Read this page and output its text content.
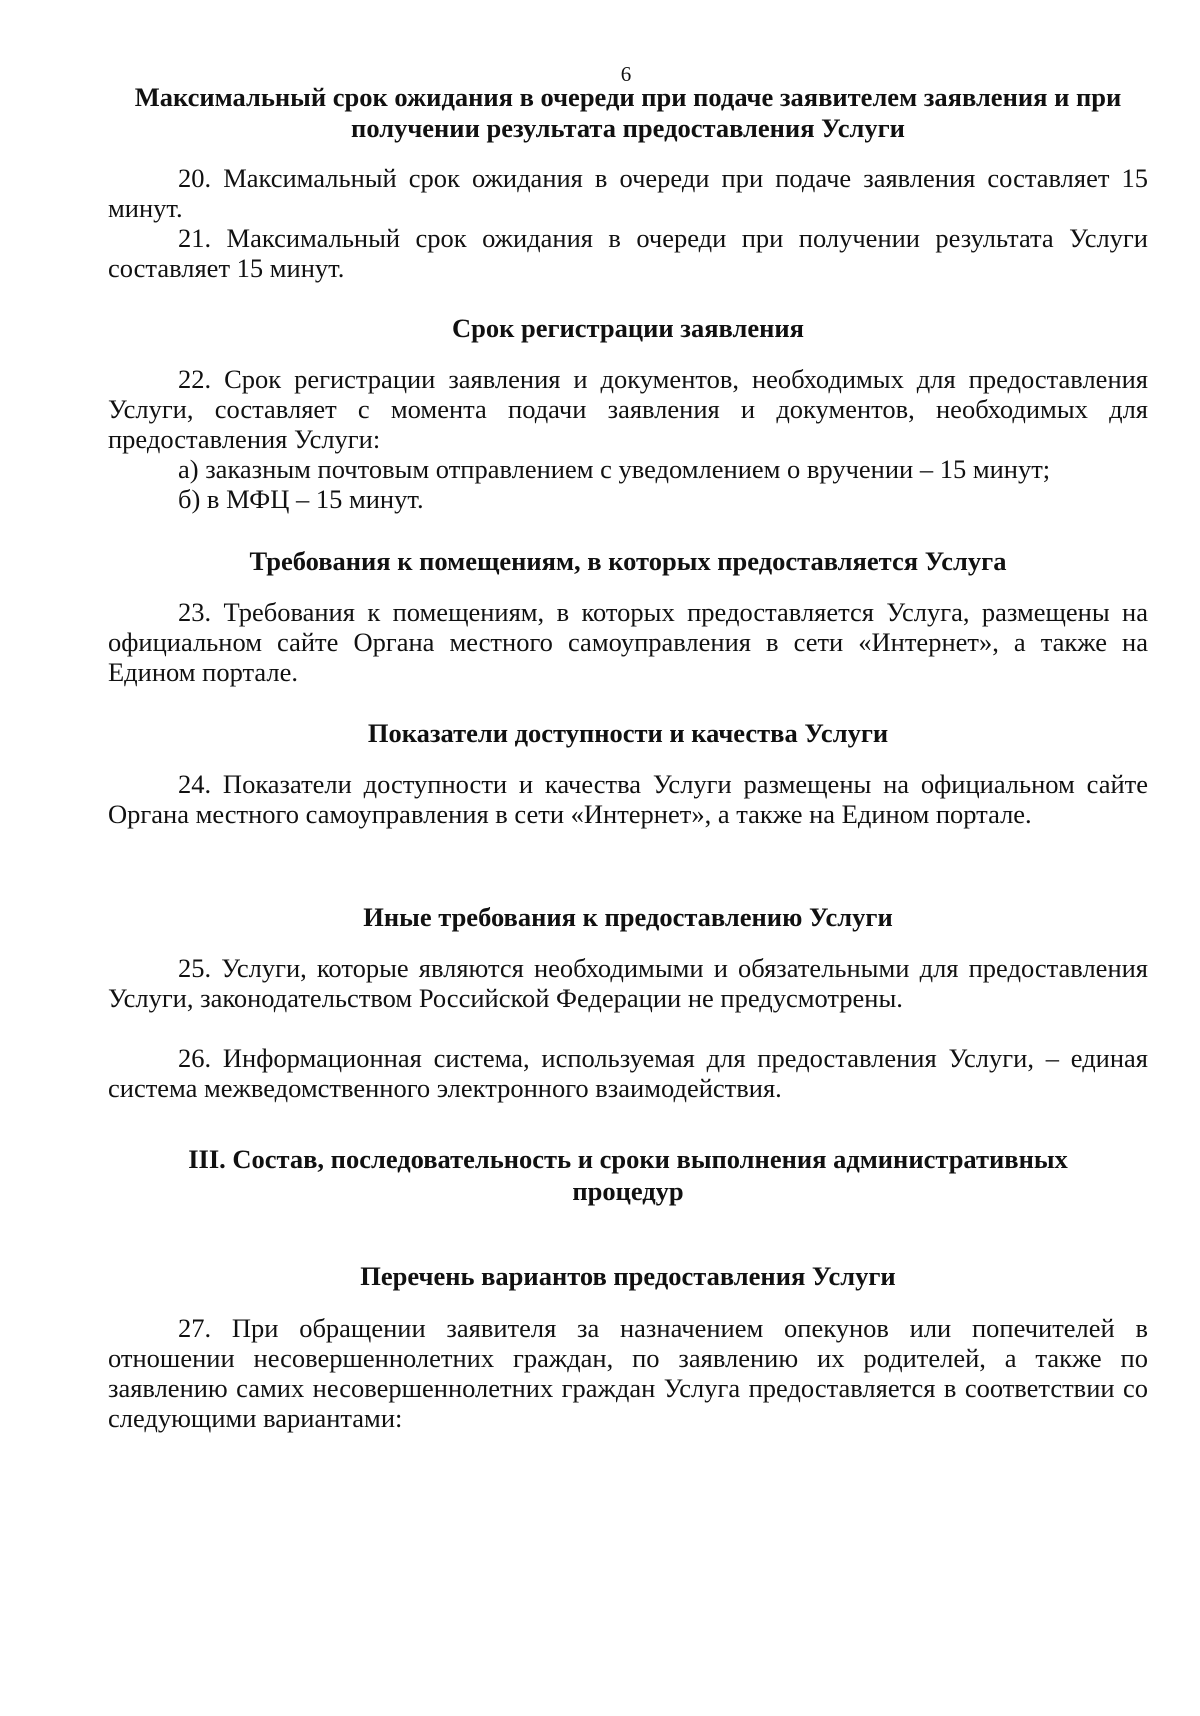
6
Максимальный срок ожидания в очереди при подаче заявителем заявления и при получении результата предоставления Услуги

20. Максимальный срок ожидания в очереди при подаче заявления составляет 15 минут.

21. Максимальный срок ожидания в очереди при получении результата Услуги составляет 15 минут.

Срок регистрации заявления

22. Срок регистрации заявления и документов, необходимых для предоставления Услуги, составляет с момента подачи заявления и документов, необходимых для предоставления Услуги:

а) заказным почтовым отправлением с уведомлением о вручении – 15 минут;

б) в МФЦ – 15 минут.

Требования к помещениям, в которых предоставляется Услуга

23. Требования к помещениям, в которых предоставляется Услуга, размещены на официальном сайте Органа местного самоуправления в сети «Интернет», а также на Едином портале.

Показатели доступности и качества Услуги

24. Показатели доступности и качества Услуги размещены на официальном сайте Органа местного самоуправления в сети «Интернет», а также на Едином портале.

Иные требования к предоставлению Услуги

25. Услуги, которые являются необходимыми и обязательными для предоставления Услуги, законодательством Российской Федерации не предусмотрены.

26. Информационная система, используемая для предоставления Услуги, – единая система межведомственного электронного взаимодействия.

III. Состав, последовательность и сроки выполнения административных
процедур
Перечень вариантов предоставления Услуги

27. При обращении заявителя за назначением опекунов или попечителей в отношении несовершеннолетних граждан, по заявлению их родителей, а также по заявлению самих несовершеннолетних граждан Услуга предоставляется в соответствии со следующими вариантами:
